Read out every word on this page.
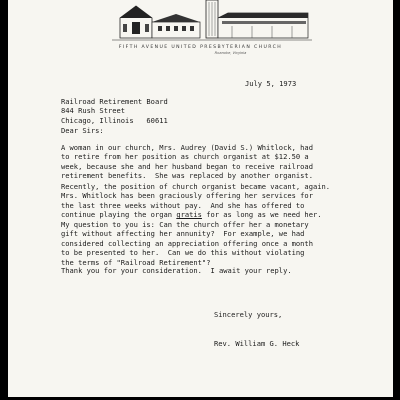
FIFTH AVENUE UNITED PRESBYTERIAN CHURCH
Roanoke, Virginia
July 5, 1973
Railroad Retirement Board
844 Rush Street
Chicago, Illinois   60611
Dear Sirs:
A woman in our church, Mrs. Audrey (David S.) Whitlock, had
to retire from her position as church organist at $12.50 a
week, because she and her husband began to receive railroad
retirement benefits.  She was replaced by another organist.
Recently, the position of church organist became vacant, again.
Mrs. Whitlock has been graciously offering her services for
the last three weeks without pay.  And she has offered to
continue playing the organ gratis for as long as we need her.
My question to you is: Can the church offer her a monetary
gift without affecting her annunity?  For example, we had
considered collecting an appreciation offering once a month
to be presented to her.  Can we do this without violating
the terms of "Railroad Retirement"?
Thank you for your consideration.  I await your reply.
Sincerely yours,
Rev. William G. Heck
